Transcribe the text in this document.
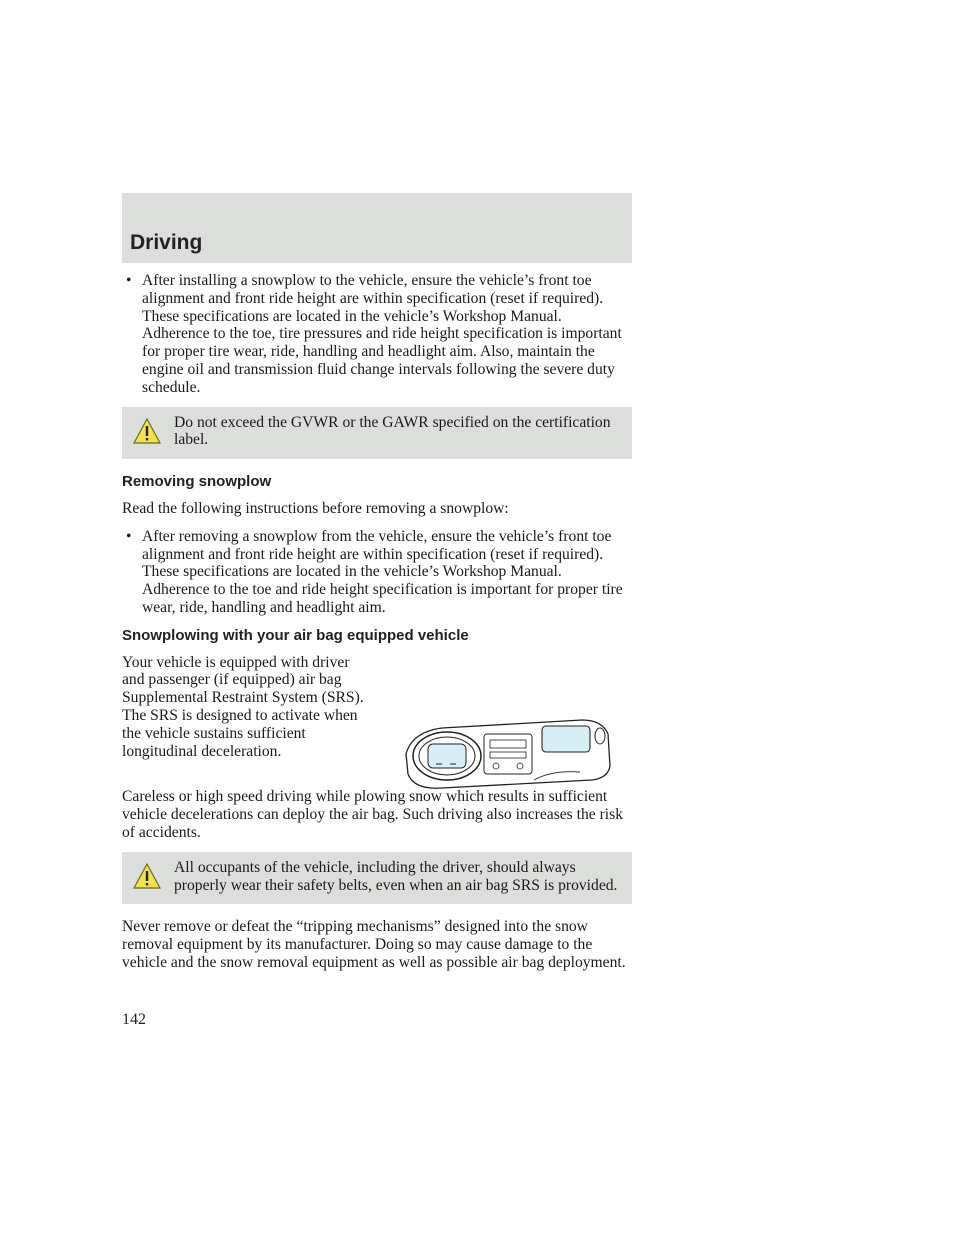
Driving
• After installing a snowplow to the vehicle, ensure the vehicle’s front toe alignment and front ride height are within specification (reset if required). These specifications are located in the vehicle’s Workshop Manual. Adherence to the toe, tire pressures and ride height specification is important for proper tire wear, ride, handling and headlight aim. Also, maintain the engine oil and transmission fluid change intervals following the severe duty schedule.
Do not exceed the GVWR or the GAWR specified on the certification label.
Removing snowplow

Read the following instructions before removing a snowplow:

• After removing a snowplow from the vehicle, ensure the vehicle’s front toe alignment and front ride height are within specification (reset if required). These specifications are located in the vehicle’s Workshop Manual. Adherence to the toe and ride height specification is important for proper tire wear, ride, handling and headlight aim.
Snowplowing with your air bag equipped vehicle

Your vehicle is equipped with driver and passenger (if equipped) air bag Supplemental Restraint System (SRS). The SRS is designed to activate when the vehicle sustains sufficient longitudinal deceleration.

Careless or high speed driving while plowing snow which results in sufficient vehicle decelerations can deploy the air bag. Such driving also increases the risk of accidents.

All occupants of the vehicle, including the driver, should always properly wear their safety belts, even when an air bag SRS is provided.

Never remove or defeat the “tripping mechanisms” designed into the snow removal equipment by its manufacturer. Doing so may cause damage to the vehicle and the snow removal equipment as well as possible air bag deployment.

142
